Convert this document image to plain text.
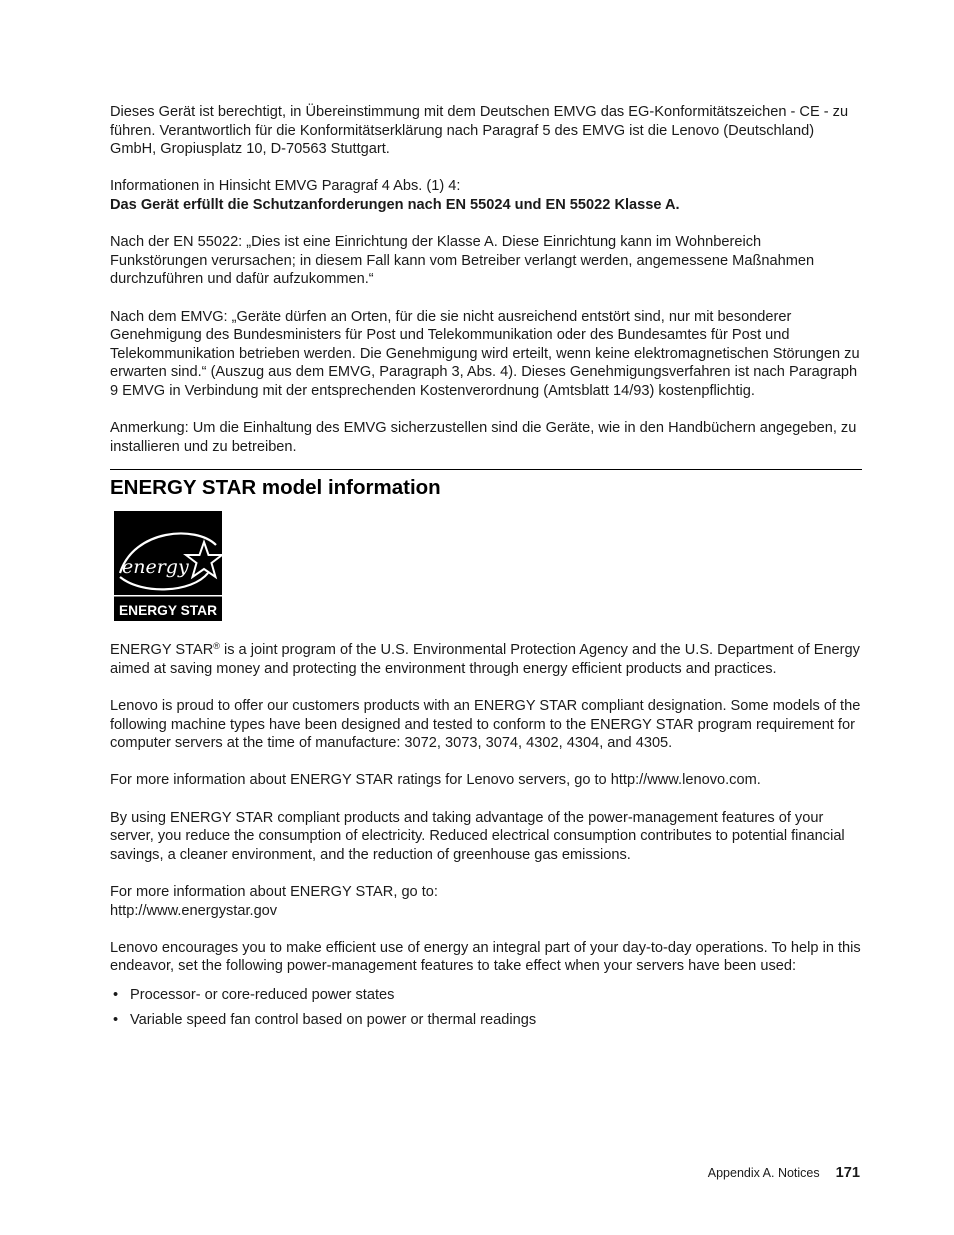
Dieses Gerät ist berechtigt, in Übereinstimmung mit dem Deutschen EMVG das EG-Konformitätszeichen - CE - zu führen. Verantwortlich für die Konformitätserklärung nach Paragraf 5 des EMVG ist die Lenovo (Deutschland) GmbH, Gropiusplatz 10, D-70563 Stuttgart.

Informationen in Hinsicht EMVG Paragraf 4 Abs. (1) 4:
Das Gerät erfüllt die Schutzanforderungen nach EN 55024 und EN 55022 Klasse A.

Nach der EN 55022: „Dies ist eine Einrichtung der Klasse A. Diese Einrichtung kann im Wohnbereich Funkstörungen verursachen; in diesem Fall kann vom Betreiber verlangt werden, angemessene Maßnahmen durchzuführen und dafür aufzukommen.“

Nach dem EMVG: „Geräte dürfen an Orten, für die sie nicht ausreichend entstört sind, nur mit besonderer Genehmigung des Bundesministers für Post und Telekommunikation oder des Bundesamtes für Post und Telekommunikation betrieben werden. Die Genehmigung wird erteilt, wenn keine elektromagnetischen Störungen zu erwarten sind.“ (Auszug aus dem EMVG, Paragraph 3, Abs. 4). Dieses Genehmigungsverfahren ist nach Paragraph 9 EMVG in Verbindung mit der entsprechenden Kostenverordnung (Amtsblatt 14/93) kostenpflichtig.

Anmerkung: Um die Einhaltung des EMVG sicherzustellen sind die Geräte, wie in den Handbüchern angegeben, zu installieren und zu betreiben.

ENERGY STAR model information
energy
ENERGY STAR

ENERGY STAR® is a joint program of the U.S. Environmental Protection Agency and the U.S. Department of Energy aimed at saving money and protecting the environment through energy efficient products and practices.

Lenovo is proud to offer our customers products with an ENERGY STAR compliant designation. Some models of the following machine types have been designed and tested to conform to the ENERGY STAR program requirement for computer servers at the time of manufacture: 3072, 3073, 3074, 4302, 4304, and 4305.

For more information about ENERGY STAR ratings for Lenovo servers, go to http://www.lenovo.com.

By using ENERGY STAR compliant products and taking advantage of the power-management features of your server, you reduce the consumption of electricity. Reduced electrical consumption contributes to potential financial savings, a cleaner environment, and the reduction of greenhouse gas emissions.

For more information about ENERGY STAR, go to:
http://www.energystar.gov

Lenovo encourages you to make efficient use of energy an integral part of your day-to-day operations. To help in this endeavor, set the following power-management features to take effect when your servers have been used:

• Processor- or core-reduced power states
• Variable speed fan control based on power or thermal readings
Appendix A. Notices 171
